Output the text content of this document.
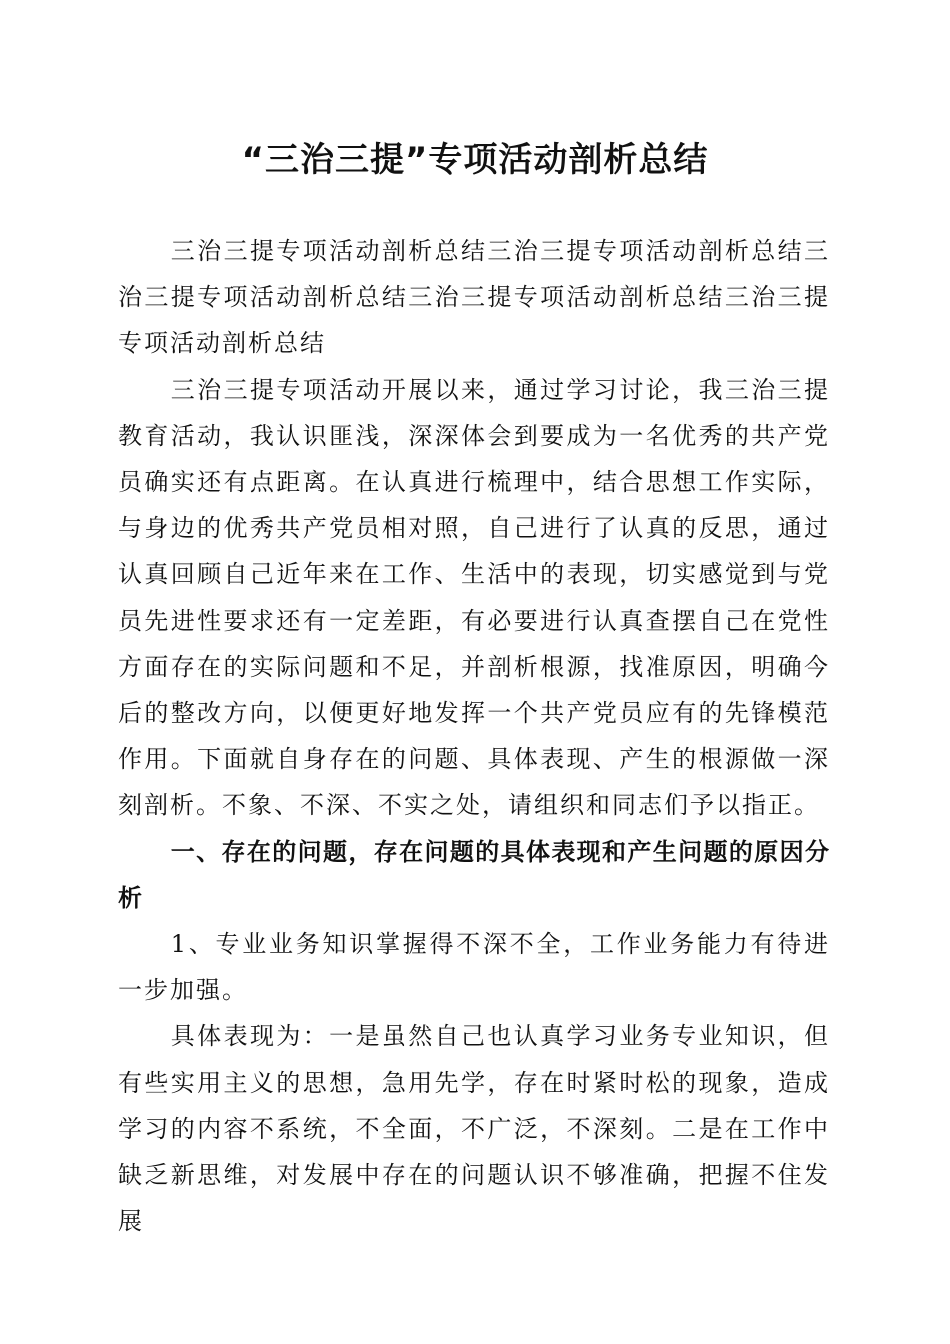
“三治三提”专项活动剖析总结

三治三提专项活动剖析总结三治三提专项活动剖析总结三治三提专项活动剖析总结三治三提专项活动剖析总结三治三提专项活动剖析总结

三治三提专项活动开展以来，通过学习讨论，我三治三提教育活动，我认识匪浅，深深体会到要成为一名优秀的共产党员确实还有点距离。在认真进行梳理中，结合思想工作实际，与身边的优秀共产党员相对照，自己进行了认真的反思，通过认真回顾自己近年来在工作、生活中的表现，切实感觉到与党员先进性要求还有一定差距，有必要进行认真查摆自己在党性方面存在的实际问题和不足，并剖析根源，找准原因，明确今后的整改方向，以便更好地发挥一个共产党员应有的先锋模范作用。下面就自身存在的问题、具体表现、产生的根源做一深刻剖析。不象、不深、不实之处，请组织和同志们予以指正。

一、存在的问题，存在问题的具体表现和产生问题的原因分析

1、专业业务知识掌握得不深不全，工作业务能力有待进一步加强。

具体表现为：一是虽然自己也认真学习业务专业知识，但有些实用主义的思想，急用先学，存在时紧时松的现象，造成学习的内容不系统，不全面，不广泛，不深刻。二是在工作中缺乏新思维，对发展中存在的问题认识不够准确，把握不住发展
